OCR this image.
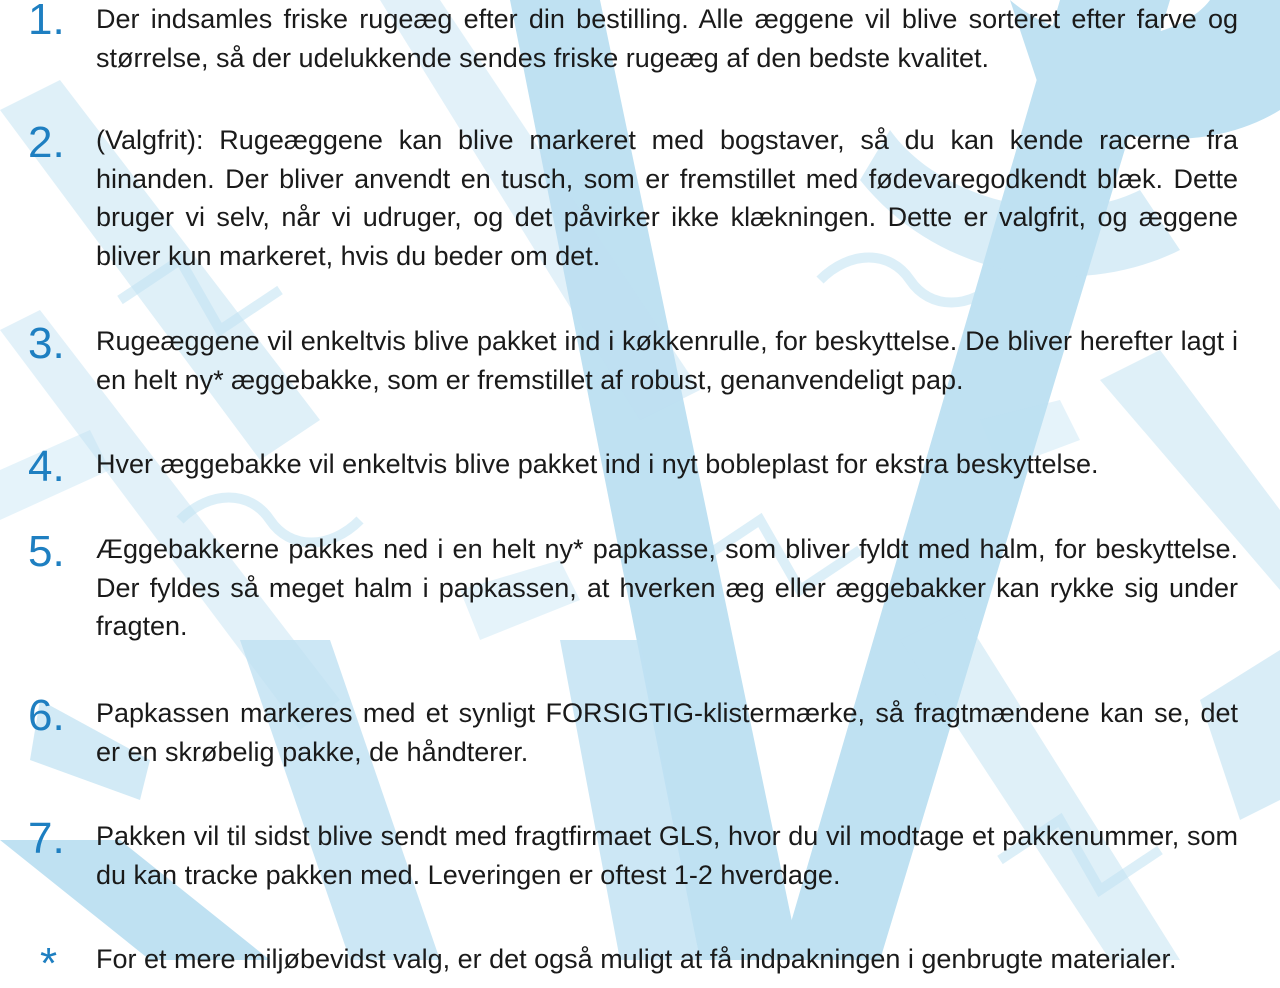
1. Der indsamles friske rugeæg efter din bestilling. Alle æggene vil blive sorteret efter farve og størrelse, så der udelukkende sendes friske rugeæg af den bedste kvalitet.

2. (Valgfrit): Rugeæggene kan blive markeret med bogstaver, så du kan kende racerne fra hinanden. Der bliver anvendt en tusch, som er fremstillet med fødevaregodkendt blæk. Dette bruger vi selv, når vi udruger, og det påvirker ikke klækningen. Dette er valgfrit, og æggene bliver kun markeret, hvis du beder om det.

3. Rugeæggene vil enkeltvis blive pakket ind i køkkenrulle, for beskyttelse. De bliver herefter lagt i en helt ny* æggebakke, som er fremstillet af robust, genanvendeligt pap.

4. Hver æggebakke vil enkeltvis blive pakket ind i nyt bobleplast for ekstra beskyttelse.

5. Æggebakkerne pakkes ned i en helt ny* papkasse, som bliver fyldt med halm, for beskyttelse. Der fyldes så meget halm i papkassen, at hverken æg eller æggebakker kan rykke sig under fragten.

6. Papkassen markeres med et synligt FORSIGTIG-klistermærke, så fragtmændene kan se, det er en skrøbelig pakke, de håndterer.

7. Pakken vil til sidst blive sendt med fragtfirmaet GLS, hvor du vil modtage et pakkenummer, som du kan tracke pakken med. Leveringen er oftest 1-2 hverdage.

* For et mere miljøbevidst valg, er det også muligt at få indpakningen i genbrugte materialer.
